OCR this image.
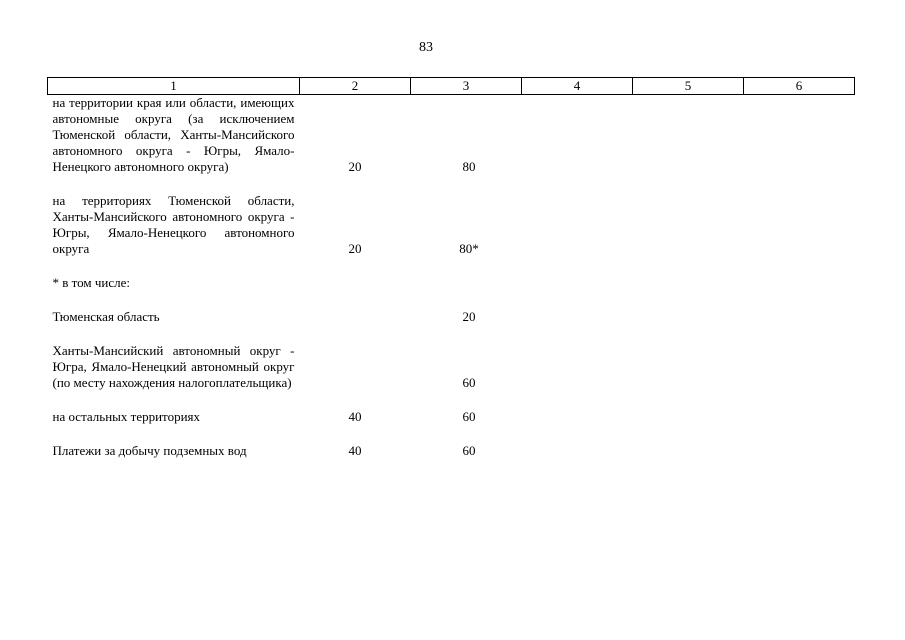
83
1	2	3	4	5	6
на территории края или области, имеющих автономные округа (за исключением Тюменской области, Ханты-Мансийского автономного округа - Югры, Ямало-Ненецкого автономного округа)	20	80			

на территориях Тюменской области, Ханты-Мансийского автономного округа - Югры, Ямало-Ненецкого автономного округа	20	80*			

* в том числе:					

Тюменская область		20			

Ханты-Мансийский автономный округ - Югра, Ямало-Ненецкий автономный округ (по месту нахождения налогоплательщика)		60			

на остальных территориях	40	60			

Платежи за добычу подземных вод	40	60			
